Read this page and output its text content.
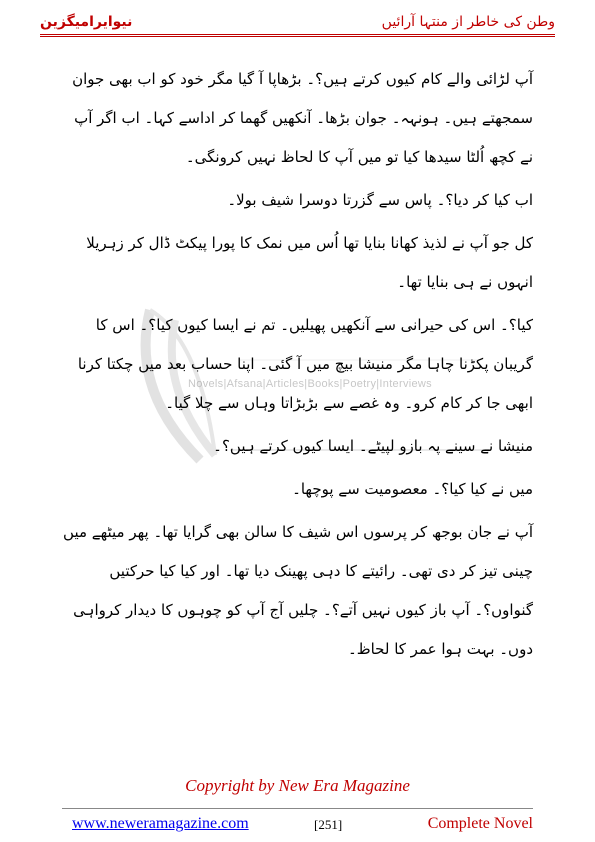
نیوایرامیگزین	وطن کی خاطر از منتہا آرائیں
Novels|Afsana|Articles|Books|Poetry|Interviews

آپ لڑائی والے کام کیوں کرتے ہیں؟۔ بڑھاپا آ گیا مگر خود کو اب بھی جوان سمجھتے ہیں۔ ہونہہ۔ جوان بڑھا۔ آنکھیں گھما کر اداسے کہا۔ اب اگر آپ نے کچھ اُلٹا سیدھا کیا تو میں آپ کا لحاظ نہیں کرونگی۔

اب کیا کر دیا؟۔ پاس سے گزرتا دوسرا شیف بولا۔

کل جو آپ نے لذیذ کھانا بنایا تھا اُس میں نمک کا پورا پیکٹ ڈال کر زہریلا انہوں نے ہی بنایا تھا۔

کیا؟۔ اس کی حیرانی سے آنکھیں پھیلیں۔ تم نے ایسا کیوں کیا؟۔ اس کا گریبان پکڑنا چاہا مگر منیشا بیچ میں آ گئی۔ اپنا حساب بعد میں چکتا کرنا ابھی جا کر کام کرو۔ وہ غصے سے بڑبڑاتا وہاں سے چلا گیا۔

منیشا نے سینے پہ بازو لپیٹے۔ ایسا کیوں کرتے ہیں؟۔

میں نے کیا کیا؟۔ معصومیت سے پوچھا۔

آپ نے جان بوجھ کر پرسوں اس شیف کا سالن بھی گرایا تھا۔ پھر میٹھے میں چینی تیز کر دی تھی۔ رائیتے کا دہی پھینک دیا تھا۔ اور کیا کیا حرکتیں گنواوں؟۔ آپ باز کیوں نہیں آتے؟۔ چلیں آج آپ کو چوہوں کا دیدار کرواہی دوں۔ بہت ہوا عمر کا لحاظ۔

Copyright by New Era Magazine
www.neweramagazine.com	[251]	Complete Novel
